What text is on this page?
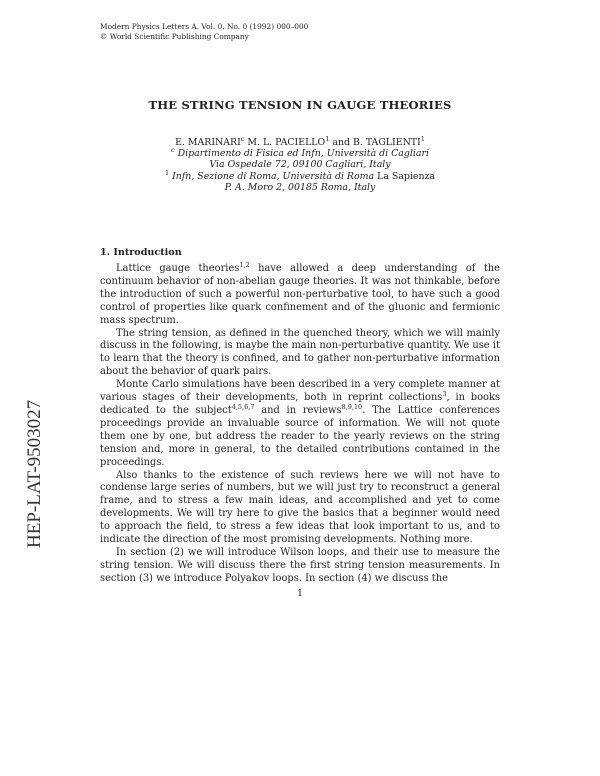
Modern Physics Letters A. Vol. 0, No. 0 (1992) 000–000
© World Scientific Publishing Company
THE STRING TENSION IN GAUGE THEORIES
E. MARINARI$^c$ M. L. PACIELLO$^1$ and B. TAGLIENTI$^1$
$^c$ Dipartimento di Fisica ed Infn, Università di Cagliari
Via Ospedale 72, 09100 Cagliari, Italy
$^1$ Infn, Sezione di Roma, Università di Roma La Sapienza
P. A. Moro 2, 00185 Roma, Italy
1. Introduction

Lattice gauge theories$^{1,2}$ have allowed a deep understanding of the continuum behavior of non-abelian gauge theories. It was not thinkable, before the introduction of such a powerful non-perturbative tool, to have such a good control of properties like quark confinement and of the gluonic and fermionic mass spectrum.

The string tension, as defined in the quenched theory, which we will mainly discuss in the following, is maybe the main non-perturbative quantity. We use it to learn that the theory is confined, and to gather non-perturbative information about the behavior of quark pairs.

Monte Carlo simulations have been described in a very complete manner at various stages of their developments, both in reprint collections$^3$, in books dedicated to the subject$^{4,5,6,7}$ and in reviews$^{8,9,10}$. The Lattice conferences proceedings provide an invaluable source of information. We will not quote them one by one, but address the reader to the yearly reviews on the string tension and, more in general, to the detailed contributions contained in the proceedings.

Also thanks to the existence of such reviews here we will not have to condense large series of numbers, but we will just try to reconstruct a general frame, and to stress a few main ideas, and accomplished and yet to come developments. We will try here to give the basics that a beginner would need to approach the field, to stress a few ideas that look important to us, and to indicate the direction of the most promising developments. Nothing more.

In section (2) we will introduce Wilson loops, and their use to measure the string tension. We will discuss there the first string tension measurements. In section (3) we introduce Polyakov loops. In section (4) we discuss the

1
HEP-LAT-9503027
